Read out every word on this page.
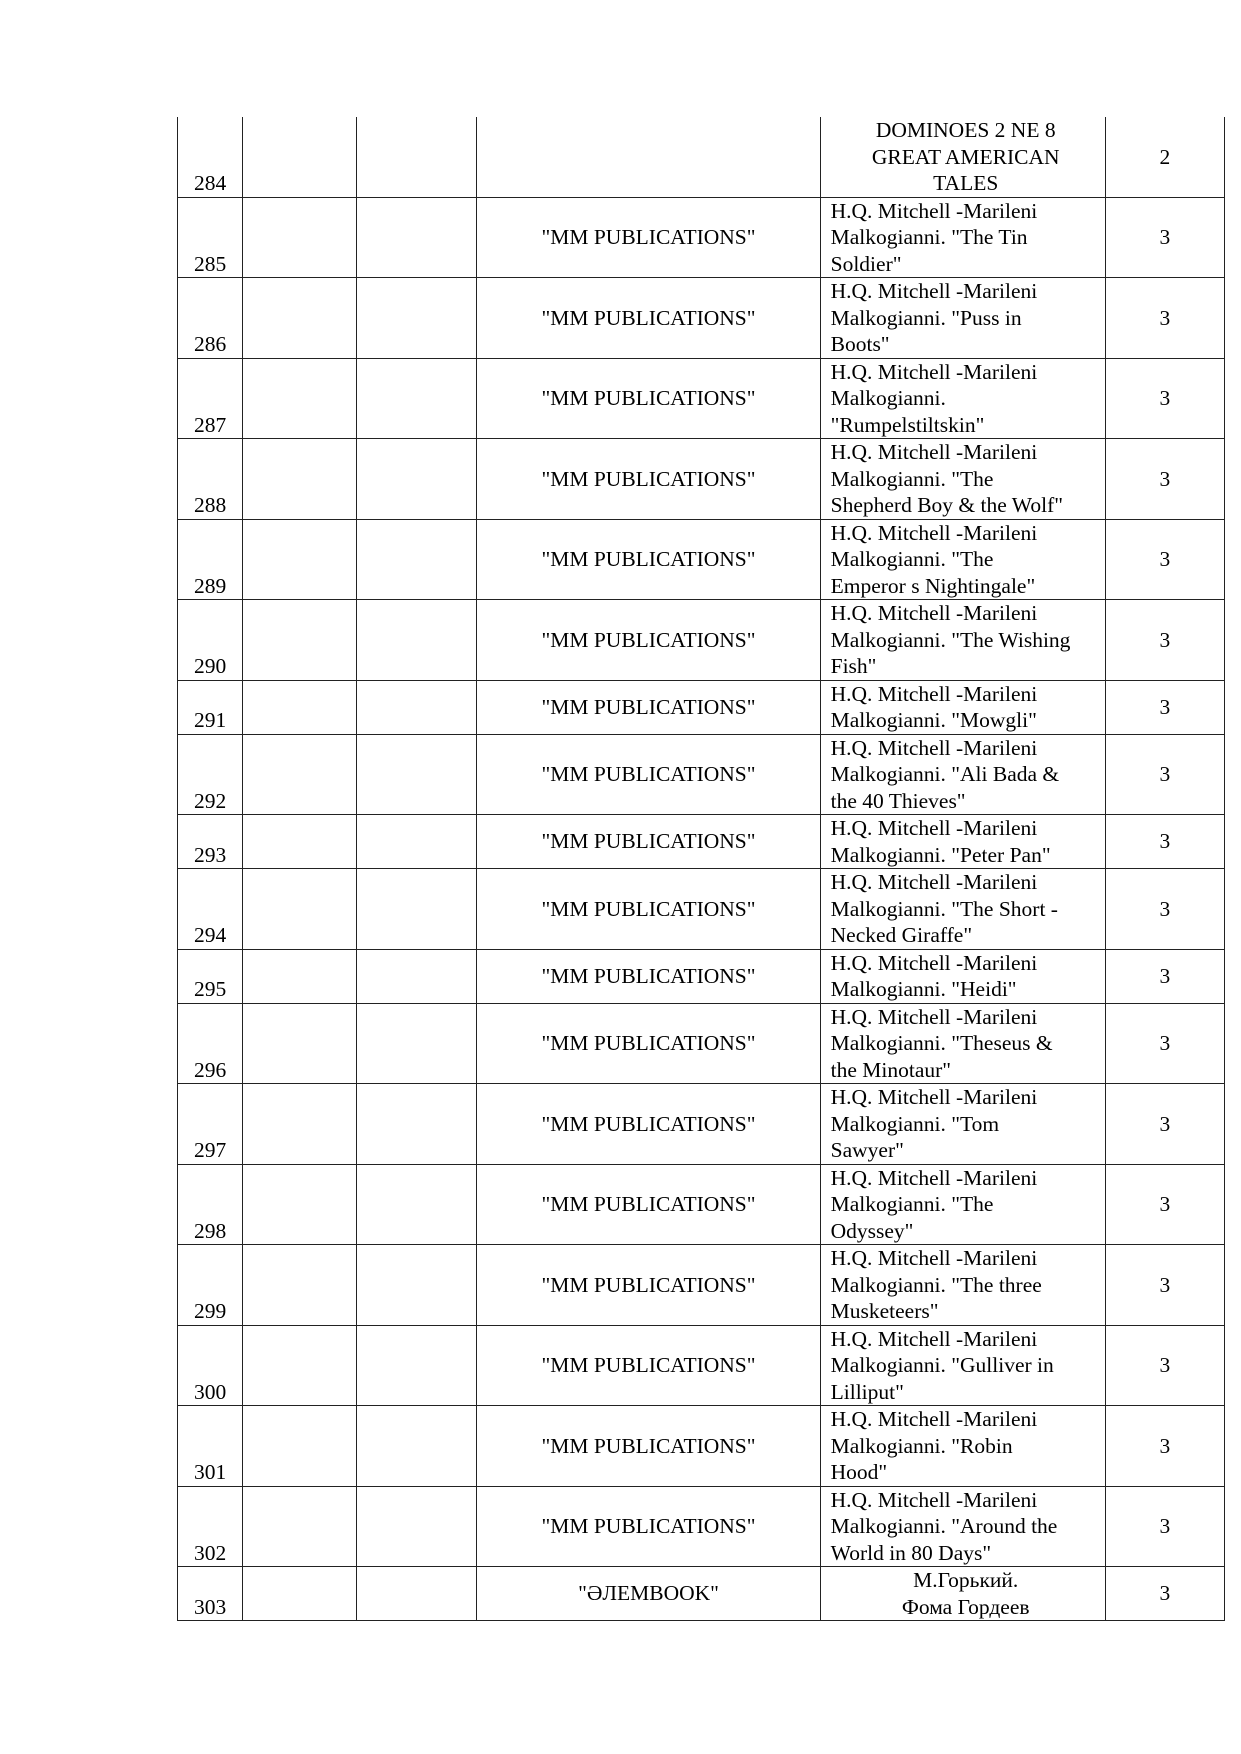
284				DOMINOES 2 NE 8
GREAT AMERICAN
TALES	2
285			"MM PUBLICATIONS"	H.Q. Mitchell -Marileni
Malkogianni. "The Tin
Soldier"	3
286			"MM PUBLICATIONS"	H.Q. Mitchell -Marileni
Malkogianni. "Puss in
Boots"	3
287			"MM PUBLICATIONS"	H.Q. Mitchell -Marileni
Malkogianni.
"Rumpelstiltskin"	3
288			"MM PUBLICATIONS"	H.Q. Mitchell -Marileni
Malkogianni. "The
Shepherd Boy & the Wolf"	3
289			"MM PUBLICATIONS"	H.Q. Mitchell -Marileni
Malkogianni. "The
Emperor s Nightingale"	3
290			"MM PUBLICATIONS"	H.Q. Mitchell -Marileni
Malkogianni. "The Wishing
Fish"	3
291			"MM PUBLICATIONS"	H.Q. Mitchell -Marileni
Malkogianni. "Mowgli"	3
292			"MM PUBLICATIONS"	H.Q. Mitchell -Marileni
Malkogianni. "Ali Bada &
the 40 Thieves"	3
293			"MM PUBLICATIONS"	H.Q. Mitchell -Marileni
Malkogianni. "Peter Pan"	3
294			"MM PUBLICATIONS"	H.Q. Mitchell -Marileni
Malkogianni. "The Short -
Necked Giraffe"	3
295			"MM PUBLICATIONS"	H.Q. Mitchell -Marileni
Malkogianni. "Heidi"	3
296			"MM PUBLICATIONS"	H.Q. Mitchell -Marileni
Malkogianni. "Theseus &
the Minotaur"	3
297			"MM PUBLICATIONS"	H.Q. Mitchell -Marileni
Malkogianni. "Tom
Sawyer"	3
298			"MM PUBLICATIONS"	H.Q. Mitchell -Marileni
Malkogianni. "The
Odyssey"	3
299			"MM PUBLICATIONS"	H.Q. Mitchell -Marileni
Malkogianni. "The three
Musketeers"	3
300			"MM PUBLICATIONS"	H.Q. Mitchell -Marileni
Malkogianni. "Gulliver in
Lilliput"	3
301			"MM PUBLICATIONS"	H.Q. Mitchell -Marileni
Malkogianni. "Robin
Hood"	3
302			"MM PUBLICATIONS"	H.Q. Mitchell -Marileni
Malkogianni. "Around the
World in 80 Days"	3
303			"ӘЛЕМBOOK"	М.Горький.
Фома Гордеев	3
